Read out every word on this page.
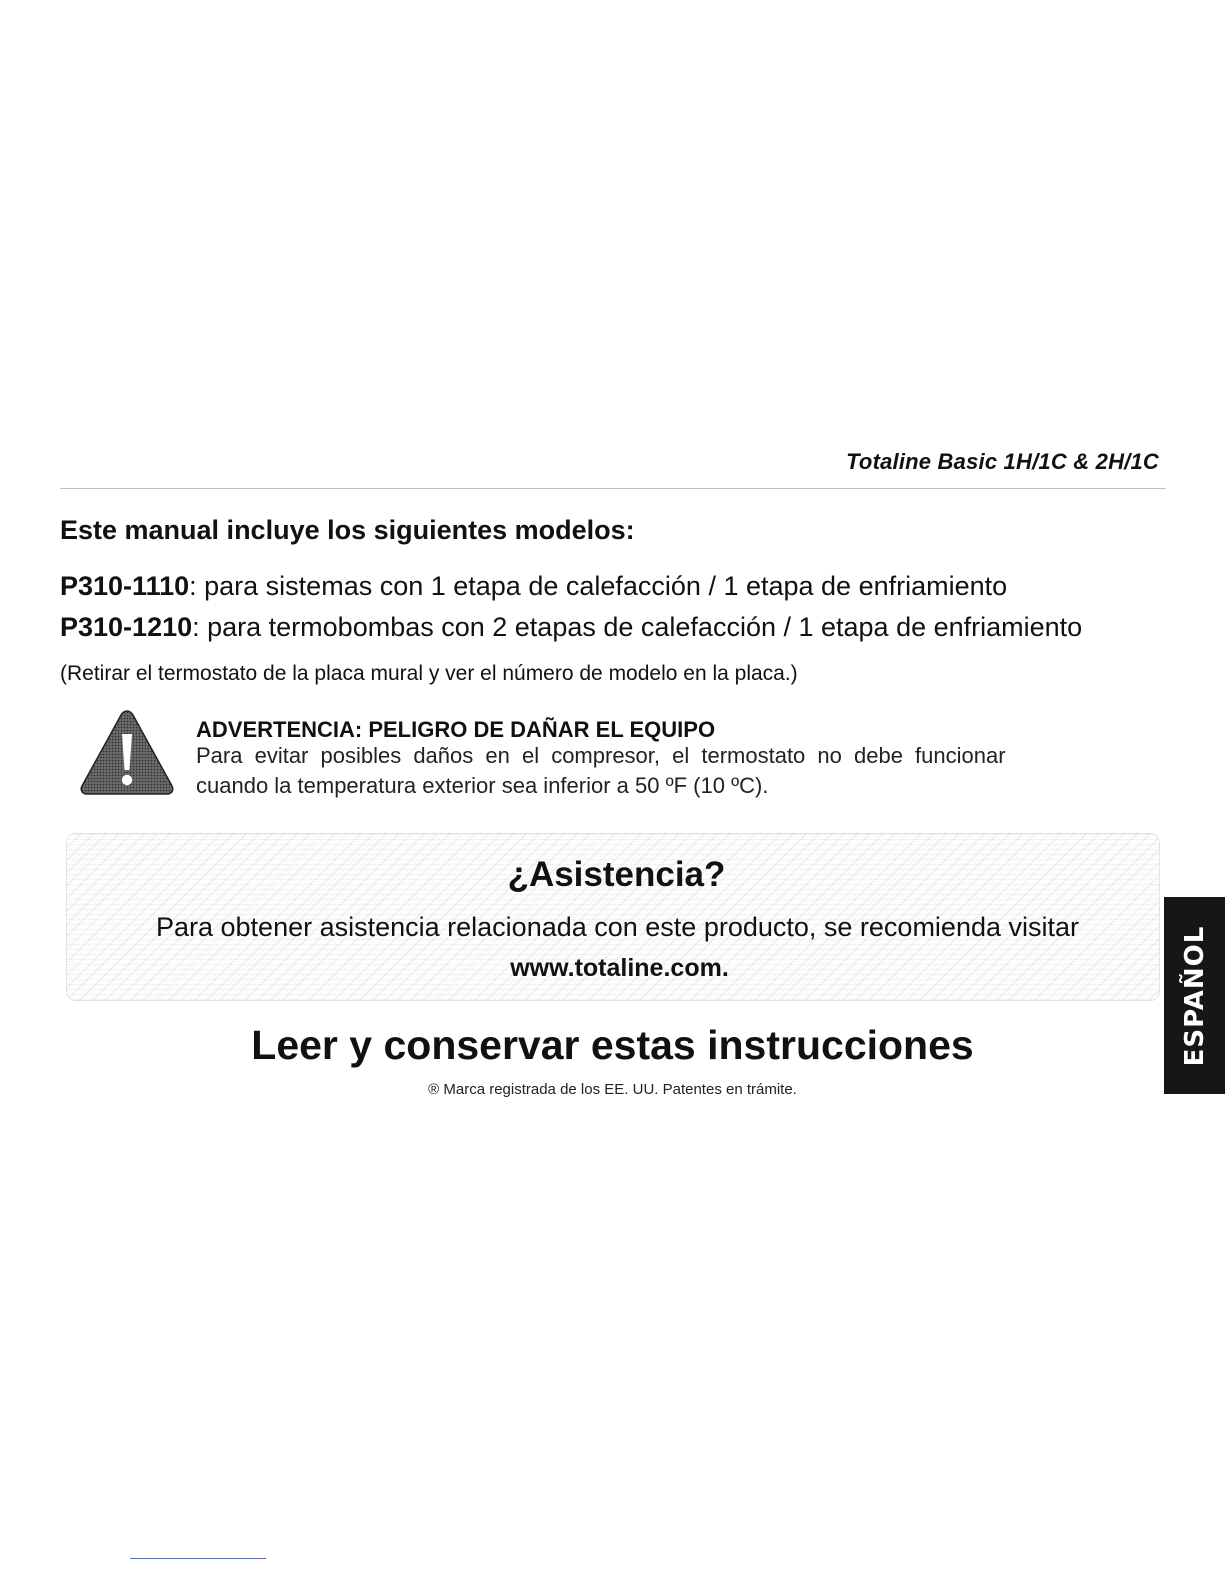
Totaline Basic 1H/1C & 2H/1C
Este manual incluye los siguientes modelos:
P310-1110: para sistemas con 1 etapa de calefacción / 1 etapa de enfriamiento
P310-1210: para termobombas con 2 etapas de calefacción / 1 etapa de enfriamiento
(Retirar el termostato de la placa mural y ver el número de modelo en la placa.)
ADVERTENCIA: PELIGRO DE DAÑAR EL EQUIPO
Para evitar posibles daños en el compresor, el termostato no debe funcionar
cuando la temperatura exterior sea inferior a 50 ºF (10 ºC).
¿Asistencia?
Para obtener asistencia relacionada con este producto, se recomienda visitar
www.totaline.com.
Leer y conservar estas instrucciones
® Marca registrada de los EE. UU. Patentes en trámite.
ESPAÑOL
